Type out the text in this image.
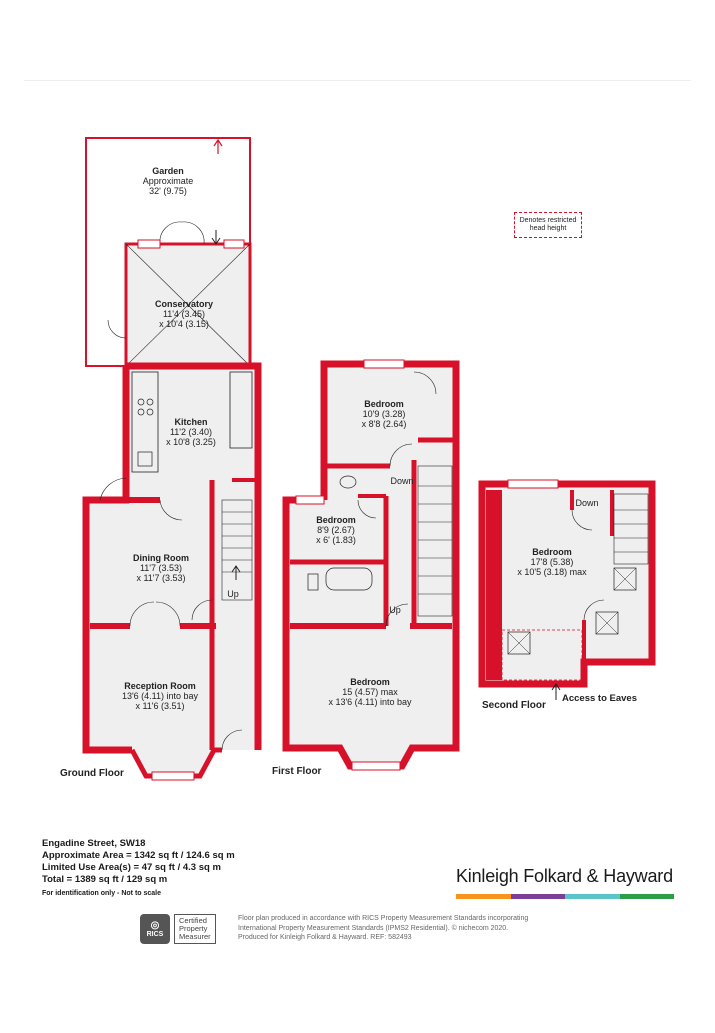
Garden
Approximate
32' (9.75)
Conservatory
11'4 (3.45)
x 10'4 (3.15)
Kitchen
11'2 (3.40)
x 10'8 (3.25)
Dining Room
11'7 (3.53)
x 11'7 (3.53)
Reception Room
13'6 (4.11) into bay
x 11'6 (3.51)
Up
Ground Floor
Bedroom
10'9 (3.28)
x 8'8 (2.64)
Bedroom
8'9 (2.67)
x 6' (1.83)
Bedroom
15 (4.57) max
x 13'6 (4.11) into bay
Down
Up
First Floor
Bedroom
17'8 (5.38)
x 10'5 (3.18) max
Down
Access to Eaves
Second Floor
Denotes restricted
head height
Engadine Street, SW18
Approximate Area = 1342 sq ft / 124.6 sq m
Limited Use Area(s) = 47 sq ft / 4.3 sq m
Total = 1389 sq ft / 129 sq m
For identification only - Not to scale
Kinleigh Folkard & Hayward
◎
RICS
Certified
Property
Measurer
Floor plan produced in accordance with RICS Property Measurement Standards incorporating
International Property Measurement Standards (IPMS2 Residential). © nichecom 2020.
Produced for Kinleigh Folkard & Hayward. REF: 582493
